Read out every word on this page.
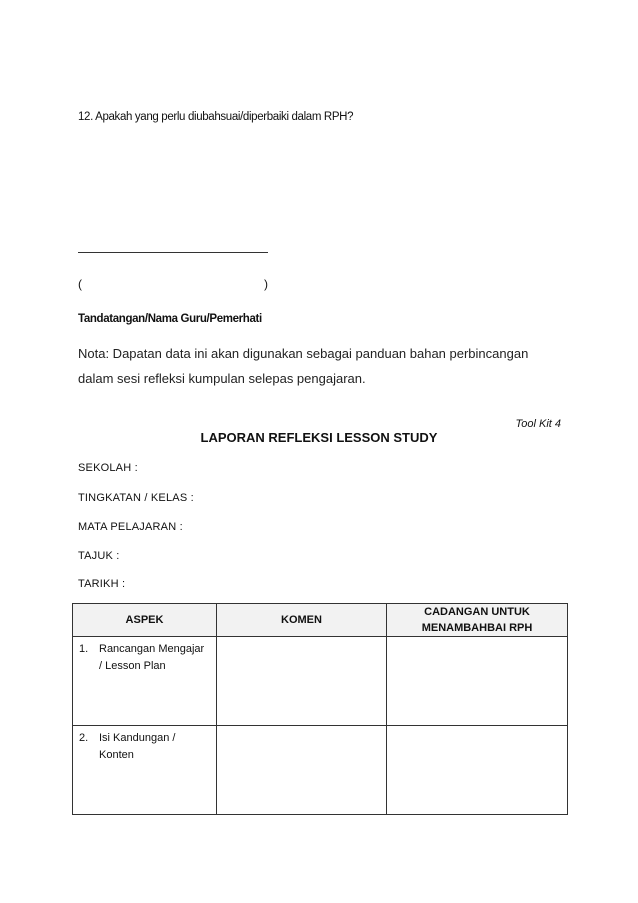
12. Apakah yang perlu diubahsuai/diperbaiki dalam RPH?
(	)
Tandatangan/Nama Guru/Pemerhati
Nota: Dapatan data ini akan digunakan sebagai panduan bahan perbincangan dalam sesi refleksi kumpulan selepas pengajaran.
Tool Kit 4
LAPORAN REFLEKSI LESSON STUDY
SEKOLAH :
TINGKATAN / KELAS :
MATA PELAJARAN :
TAJUK :
TARIKH :
ASPEK	KOMEN	CADANGAN UNTUK MENAMBAHBAI RPH

1. Rancangan Mengajar / Lesson Plan		

2. Isi Kandungan / Konten		
